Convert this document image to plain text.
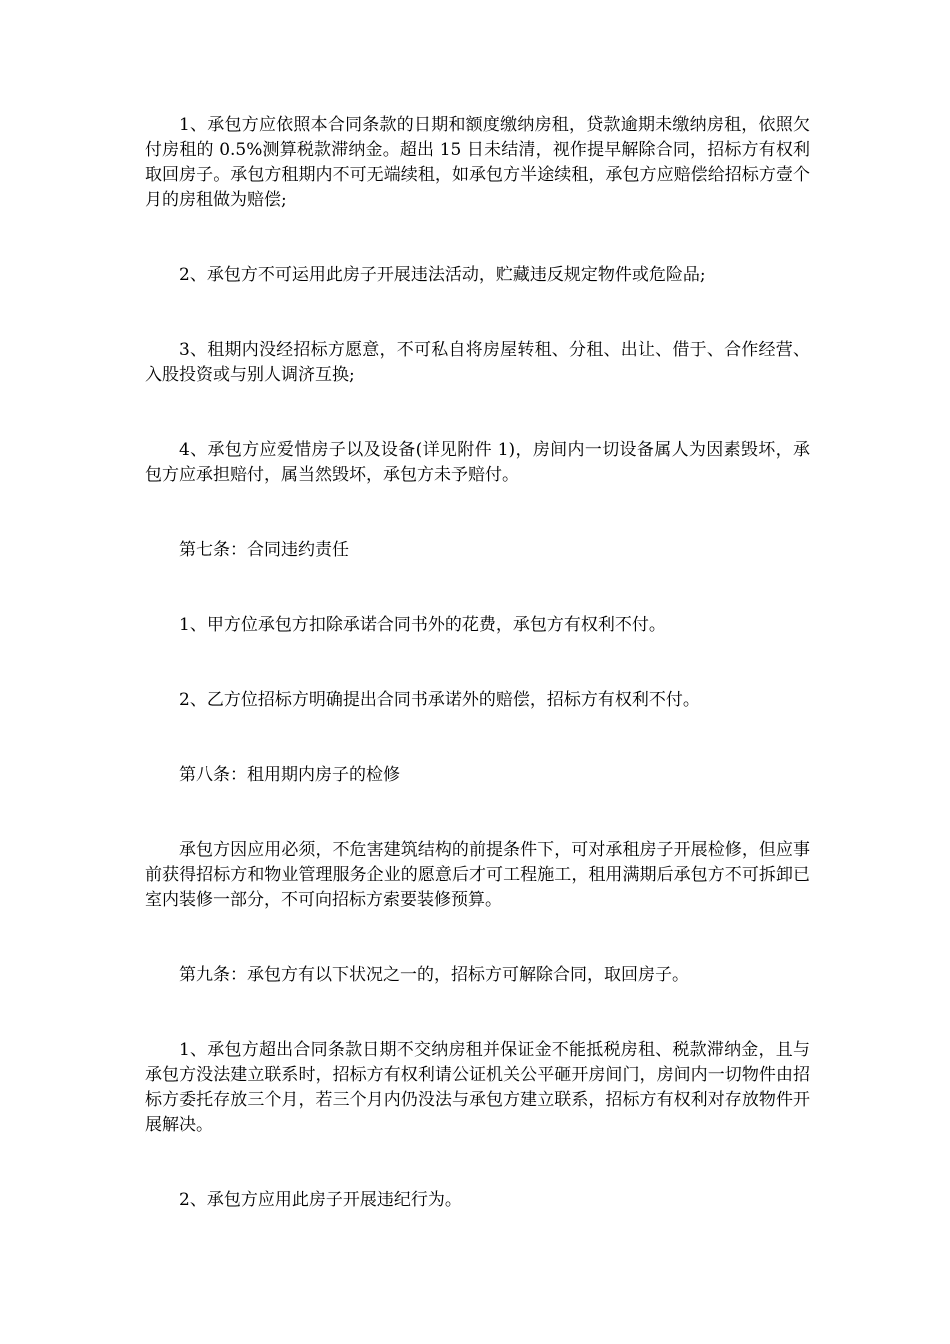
1、承包方应依照本合同条款的日期和额度缴纳房租，贷款逾期未缴纳房租，依照欠付房租的 0.5%测算税款滞纳金。超出 15 日未结清，视作提早解除合同，招标方有权利取回房子。承包方租期内不可无端续租，如承包方半途续租，承包方应赔偿给招标方壹个月的房租做为赔偿;

2、承包方不可运用此房子开展违法活动，贮藏违反规定物件或危险品;

3、租期内没经招标方愿意，不可私自将房屋转租、分租、出让、借于、合作经营、入股投资或与别人调济互换;

4、承包方应爱惜房子以及设备(详见附件 1)，房间内一切设备属人为因素毁坏，承包方应承担赔付，属当然毁坏，承包方未予赔付。

第七条：合同违约责任

1、甲方位承包方扣除承诺合同书外的花费，承包方有权利不付。

2、乙方位招标方明确提出合同书承诺外的赔偿，招标方有权利不付。

第八条：租用期内房子的检修

承包方因应用必须，不危害建筑结构的前提条件下，可对承租房子开展检修，但应事前获得招标方和物业管理服务企业的愿意后才可工程施工，租用满期后承包方不可拆卸已室内装修一部分，不可向招标方索要装修预算。

第九条：承包方有以下状况之一的，招标方可解除合同，取回房子。

1、承包方超出合同条款日期不交纳房租并保证金不能抵税房租、税款滞纳金，且与承包方没法建立联系时，招标方有权利请公证机关公平砸开房间门，房间内一切物件由招标方委托存放三个月，若三个月内仍没法与承包方建立联系，招标方有权利对存放物件开展解决。

2、承包方应用此房子开展违纪行为。
